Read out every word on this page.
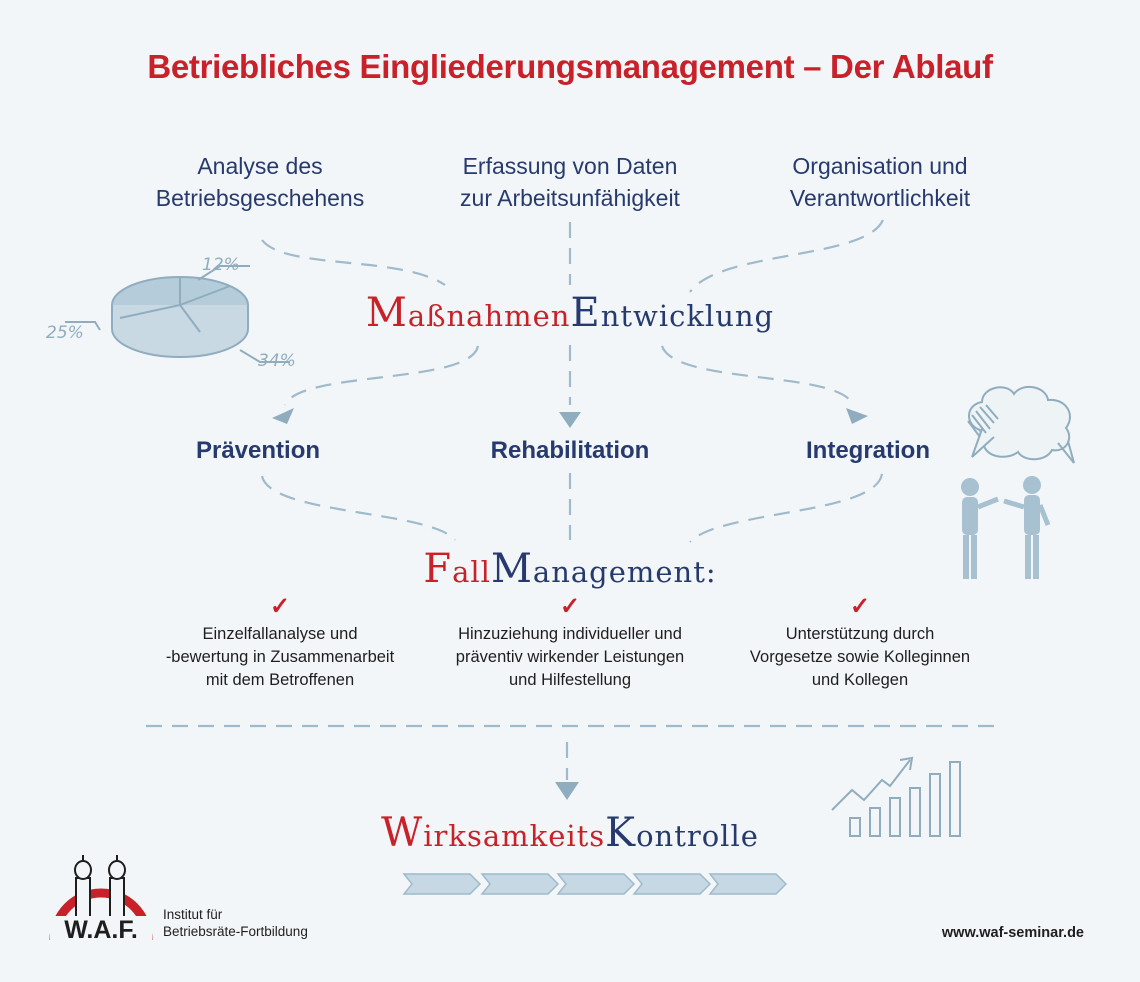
12%
25%
34%
Betriebliches Eingliederungsmanagement – Der Ablauf
Analyse des
Betriebsgeschehens
Erfassung von Daten
zur Arbeitsunfähigkeit
Organisation und
Verantwortlichkeit
MaßnahmenEntwicklung
Prävention	Rehabilitation	Integration
FallManagement:
✓	✓	✓
Einzelfallanalyse und
-bewertung in Zusammenarbeit
mit dem Betroffenen
Hinzuziehung individueller und
präventiv wirkender Leistungen
und Hilfestellung
Unterstützung durch
Vorgesetze sowie Kolleginnen
und Kollegen
WirksamkeitsKontrolle
W.A.F.
Institut für
Betriebsräte-Fortbildung	www.waf-seminar.de
